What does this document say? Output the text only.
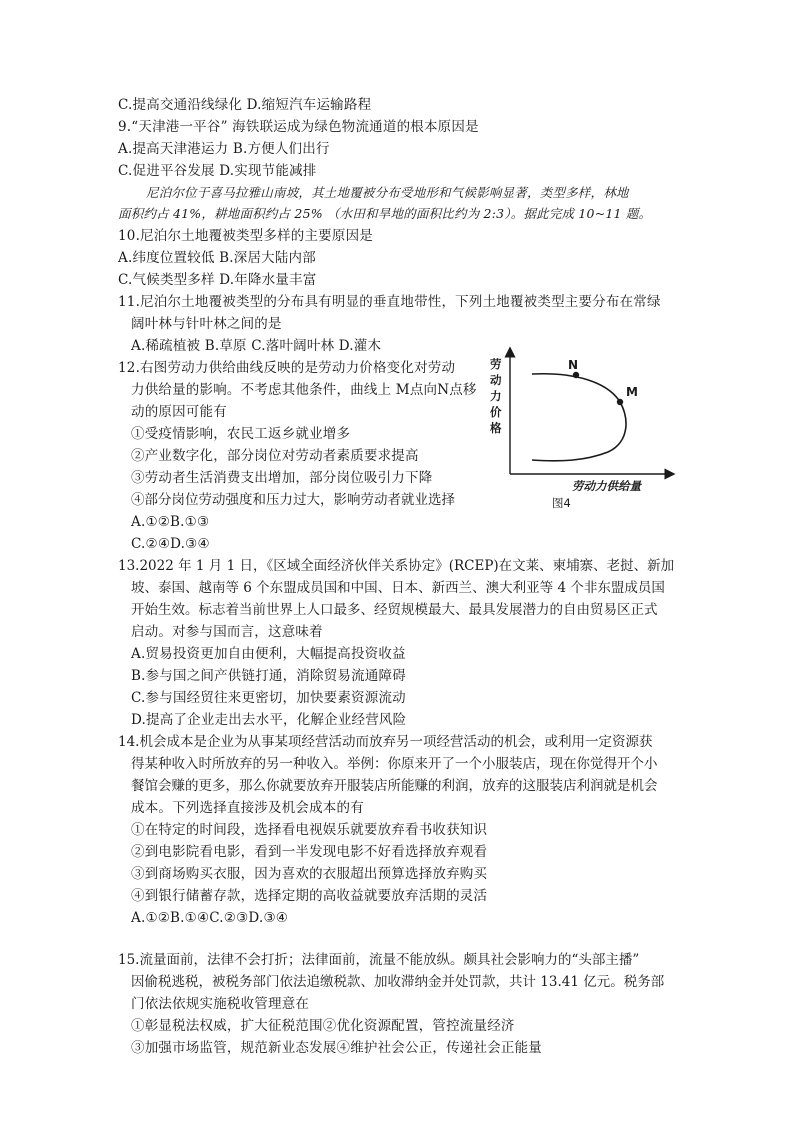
C.提高交通沿线绿化 D.缩短汽车运输路程
9.“天津港一平谷” 海铁联运成为绿色物流通道的根本原因是
A.提高天津港运力 B.方便人们出行
C.促进平谷发展 D.实现节能减排
尼泊尔位于喜马拉雅山南坡，其土地覆被分布受地形和气候影响显著，类型多样，林地
面积约占 41%，耕地面积约占 25% （水田和旱地的面积比约为 2:3）。据此完成 10~11 题。
10.尼泊尔土地覆被类型多样的主要原因是
A.纬度位置较低 B.深居大陆内部
C.气候类型多样 D.年降水量丰富
11.尼泊尔土地覆被类型的分布具有明显的垂直地带性，下列土地覆被类型主要分布在常绿
阔叶林与针叶林之间的是
A.稀疏植被 B.草原 C.落叶阔叶林 D.灌木
12.右图劳动力供给曲线反映的是劳动力价格变化对劳动
力供给量的影响。不考虑其他条件，曲线上 M点向N点移
动的原因可能有
①受疫情影响，农民工返乡就业增多
②产业数字化，部分岗位对劳动者素质要求提高
③劳动者生活消费支出增加，部分岗位吸引力下降
④部分岗位劳动强度和压力过大，影响劳动者就业选择
A.①②B.①③
C.②④D.③④
13.2022 年 1 月 1 日，《区域全面经济伙伴关系协定》(RCEP)在文莱、柬埔寨、老挝、新加
坡、泰国、越南等 6 个东盟成员国和中国、日本、新西兰、澳大利亚等 4 个非东盟成员国
开始生效。标志着当前世界上人口最多、经贸规模最大、最具发展潜力的自由贸易区正式
启动。对参与国而言，这意味着
A.贸易投资更加自由便利，大幅提高投资收益
B.参与国之间产供链打通，消除贸易流通障碍
C.参与国经贸往来更密切，加快要素资源流动
D.提高了企业走出去水平，化解企业经营风险
14.机会成本是企业为从事某项经营活动而放弃另一项经营活动的机会，或利用一定资源获
得某种收入时所放弃的另一种收入。举例：你原来开了一个小服装店，现在你觉得开个小
餐馆会赚的更多，那么你就要放弃开服装店所能赚的利润，放弃的这服装店利润就是机会
成本。下列选择直接涉及机会成本的有
①在特定的时间段，选择看电视娱乐就要放弃看书收获知识
②到电影院看电影，看到一半发现电影不好看选择放弃观看
③到商场购买衣服，因为喜欢的衣服超出预算选择放弃购买
④到银行储蓄存款，选择定期的高收益就要放弃活期的灵活
A.①②B.①④C.②③D.③④
15.流量面前，法律不会打折；法律面前，流量不能放纵。颇具社会影响力的“头部主播”
因偷税逃税，被税务部门依法追缴税款、加收滞纳金并处罚款，共计 13.41 亿元。税务部
门依法依规实施税收管理意在
①彰显税法权威，扩大征税范围②优化资源配置，管控流量经济
③加强市场监管，规范新业态发展④维护社会公正，传递社会正能量
N
M
劳
动
力
价
格
劳动力供给量
图4
